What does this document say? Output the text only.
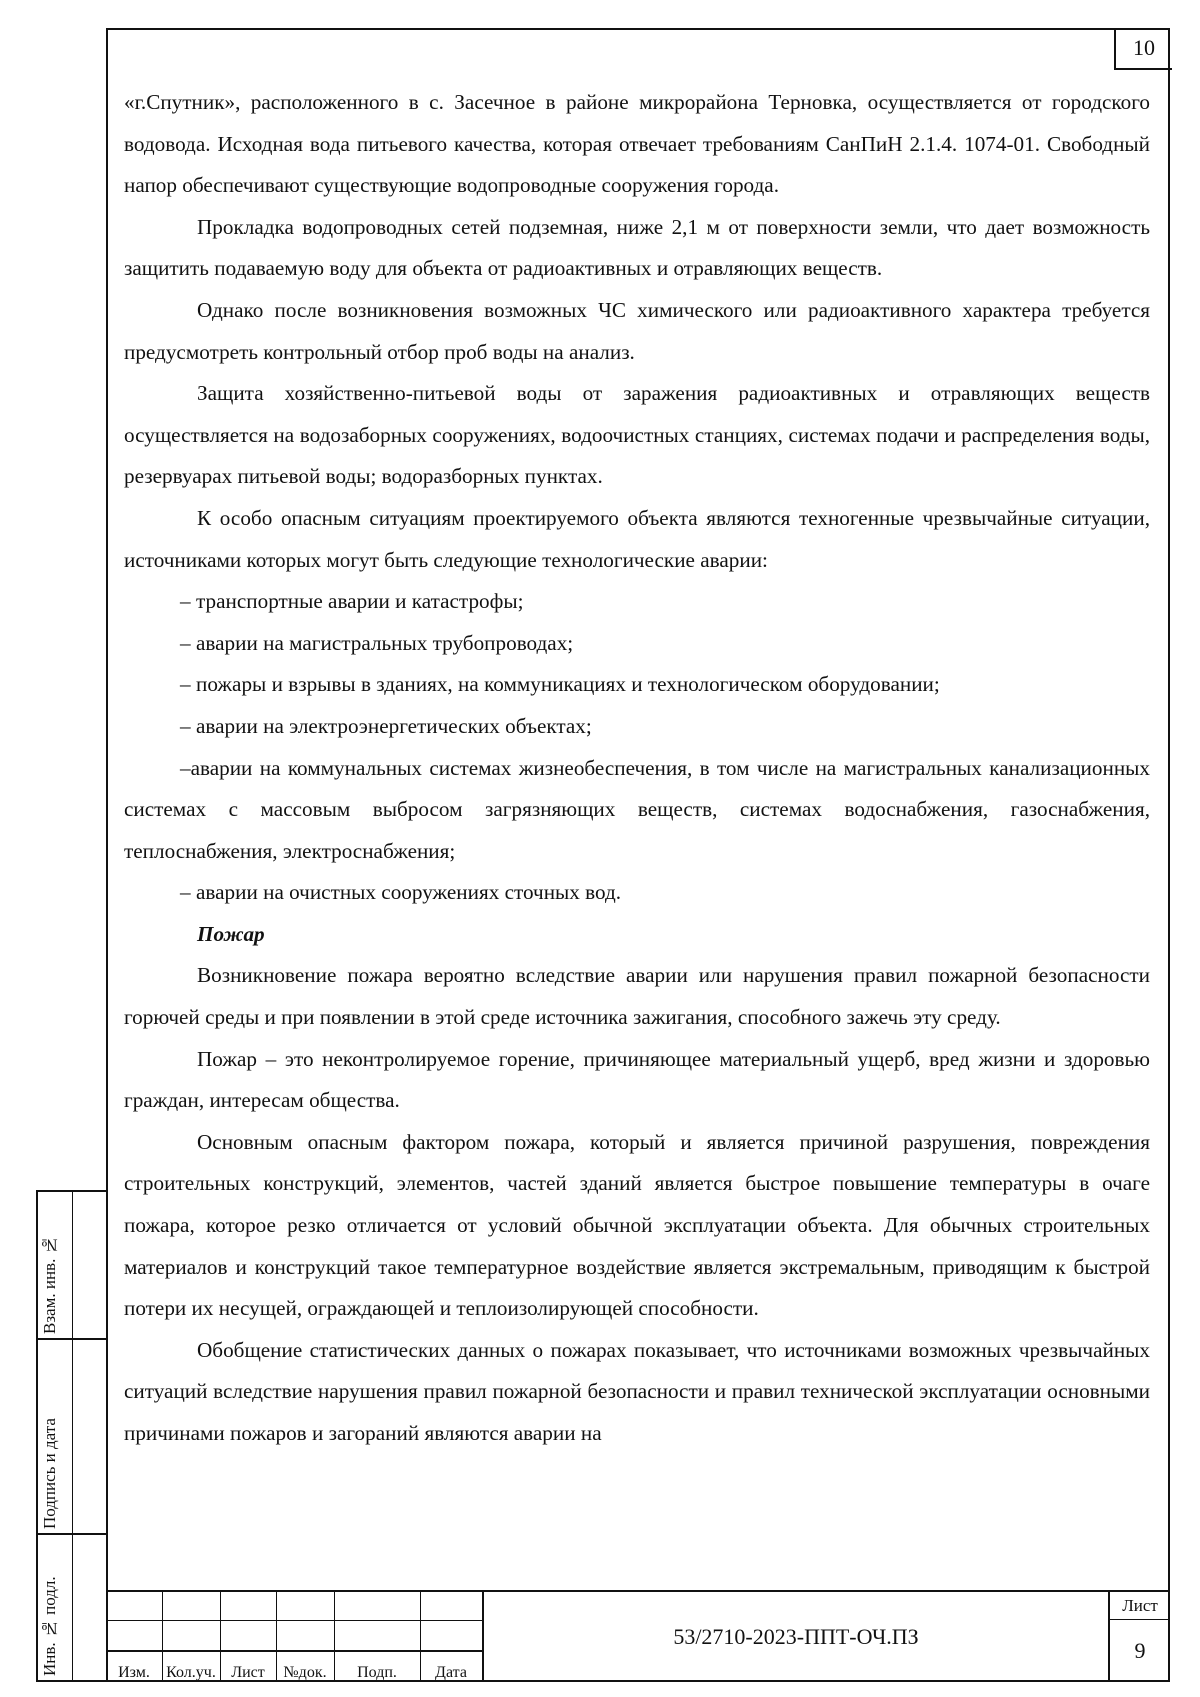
10
Взам. инв. №
Подпись и дата
Инв. № подл.

«г.Спутник», расположенного в с. Засечное в районе микрорайона Терновка, осуществляется от городского водовода. Исходная вода питьевого качества, которая отвечает требованиям СанПиН 2.1.4. 1074-01. Свободный напор обеспечивают существующие водопроводные сооружения города.

Прокладка водопроводных сетей подземная, ниже 2,1 м от поверхности земли, что дает возможность защитить подаваемую воду для объекта от радиоактивных и отравляющих веществ.

Однако после возникновения возможных ЧС химического или радиоактивного характера требуется предусмотреть контрольный отбор проб воды на анализ.

Защита хозяйственно-питьевой воды от заражения радиоактивных и отравляющих веществ осуществляется на водозаборных сооружениях, водоочистных станциях, системах подачи и распределения воды, резервуарах питьевой воды; водоразборных пунктах.

К особо опасным ситуациям проектируемого объекта являются техногенные чрезвычайные ситуации, источниками которых могут быть следующие технологические аварии:

– транспортные аварии и катастрофы;

– аварии на магистральных трубопроводах;

– пожары и взрывы в зданиях, на коммуникациях и технологическом оборудовании;

– аварии на электроэнергетических объектах;

–аварии на коммунальных системах жизнеобеспечения, в том числе на магистральных канализационных системах с массовым выбросом загрязняющих веществ, системах водоснабжения, газоснабжения, теплоснабжения, электроснабжения;

– аварии на очистных сооружениях сточных вод.

Пожар

Возникновение пожара вероятно вследствие аварии или нарушения правил пожарной безопасности горючей среды и при появлении в этой среде источника зажигания, способного зажечь эту среду.

Пожар – это неконтролируемое горение, причиняющее материальный ущерб, вред жизни и здоровью граждан, интересам общества.

Основным опасным фактором пожара, который и является причиной разрушения, повреждения строительных конструкций, элементов, частей зданий является быстрое повышение температуры в очаге пожара, которое резко отличается от условий обычной эксплуатации объекта. Для обычных строительных материалов и конструкций такое температурное воздействие является экстремальным, приводящим к быстрой потери их несущей, ограждающей и теплоизолирующей способности.

Обобщение статистических данных о пожарах показывает, что источниками возможных чрезвычайных ситуаций вследствие нарушения правил пожарной безопасности и правил технической эксплуатации основными причинами пожаров и загораний являются аварии на

Изм.	Кол.уч. Лист	№док.	Подп.	Дата
53/2710-2023-ППТ-ОЧ.ПЗ
Лист
9
